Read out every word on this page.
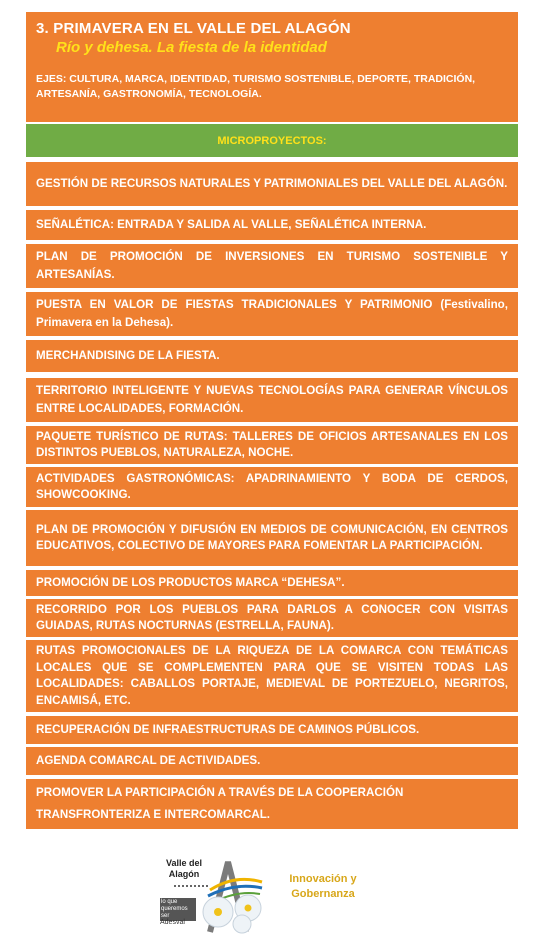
3. PRIMAVERA EN EL VALLE DEL ALAGÓN
Río y dehesa. La fiesta de la identidad
EJES: CULTURA, MARCA, IDENTIDAD, TURISMO SOSTENIBLE, DEPORTE, TRADICIÓN, ARTESANÍA, GASTRONOMÍA, TECNOLOGÍA.
MICROPROYECTOS:
GESTIÓN DE RECURSOS NATURALES Y PATRIMONIALES DEL VALLE DEL ALAGÓN.
SEÑALÉTICA: ENTRADA Y SALIDA AL VALLE, SEÑALÉTICA INTERNA.
PLAN DE PROMOCIÓN DE INVERSIONES EN TURISMO SOSTENIBLE Y ARTESANÍAS.
PUESTA EN VALOR DE FIESTAS TRADICIONALES Y PATRIMONIO (Festivalino, Primavera en la Dehesa).
MERCHANDISING DE LA FIESTA.
TERRITORIO INTELIGENTE Y NUEVAS TECNOLOGÍAS PARA GENERAR VÍNCULOS ENTRE LOCALIDADES, FORMACIÓN.
PAQUETE TURÍSTICO DE RUTAS: TALLERES DE OFICIOS ARTESANALES EN LOS DISTINTOS PUEBLOS, NATURALEZA, NOCHE.
ACTIVIDADES GASTRONÓMICAS: APADRINAMIENTO Y BODA DE CERDOS, SHOWCOOKING.
PLAN DE PROMOCIÓN Y DIFUSIÓN EN MEDIOS DE COMUNICACIÓN, EN CENTROS EDUCATIVOS, COLECTIVO DE MAYORES PARA FOMENTAR LA PARTICIPACIÓN.
PROMOCIÓN DE LOS PRODUCTOS MARCA “DEHESA”.
RECORRIDO POR LOS PUEBLOS PARA DARLOS A CONOCER CON VISITAS GUIADAS, RUTAS NOCTURNAS (ESTRELLA, FAUNA).
RUTAS PROMOCIONALES DE LA RIQUEZA DE LA COMARCA CON TEMÁTICAS LOCALES QUE SE COMPLEMENTEN PARA QUE SE VISITEN TODAS LAS LOCALIDADES: CABALLOS PORTAJE, MEDIEVAL DE PORTEZUELO, NEGRITOS, ENCAMISÁ, ETC.
RECUPERACIÓN DE INFRAESTRUCTURAS DE CAMINOS PÚBLICOS.
AGENDA COMARCAL DE ACTIVIDADES.
PROMOVER LA PARTICIPACIÓN A TRAVÉS DE LA COOPERACIÓN TRANSFRONTERIZA E INTERCOMARCAL.
Valle del Alagón
lo que queremos ser
Adesval
Innovación y Gobernanza
